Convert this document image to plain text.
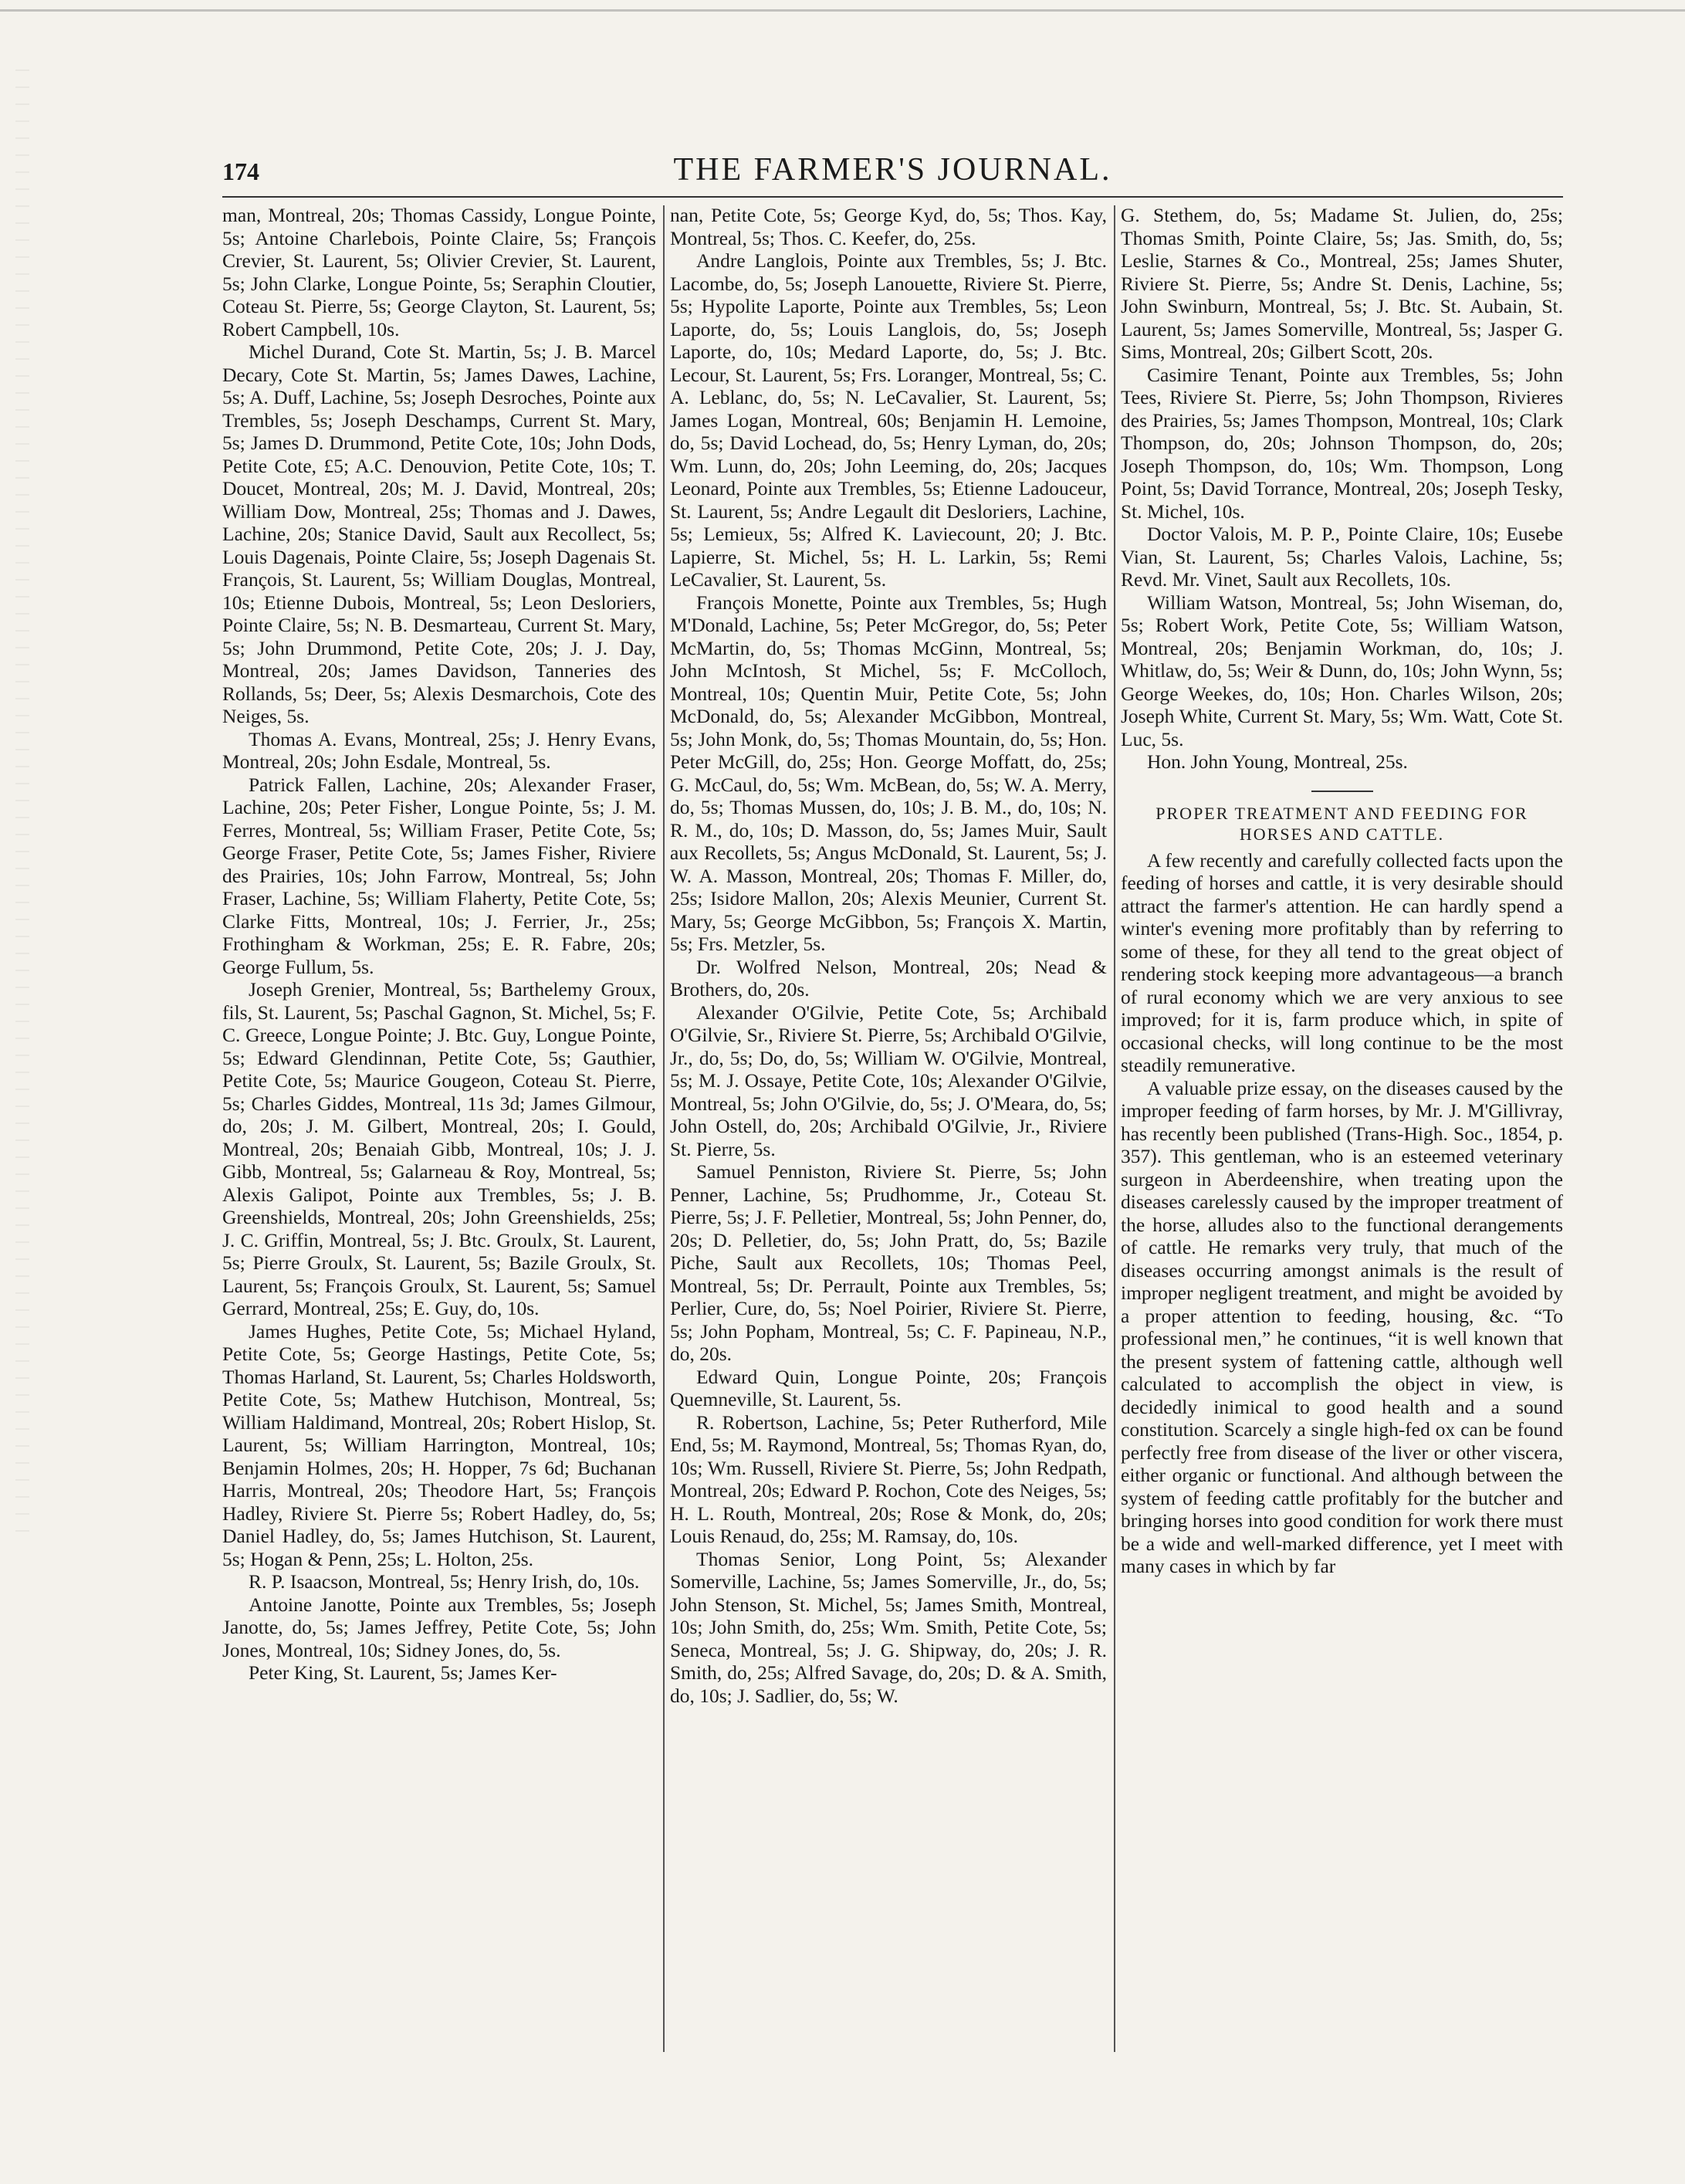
174	THE FARMER'S JOURNAL.

man, Montreal, 20s; Thomas Cassidy, Longue Pointe, 5s; Antoine Charlebois, Pointe Claire, 5s; François Crevier, St. Laurent, 5s; Olivier Crevier, St. Laurent, 5s; John Clarke, Longue Pointe, 5s; Seraphin Cloutier, Coteau St. Pierre, 5s; George Clayton, St. Laurent, 5s; Robert Campbell, 10s.

Michel Durand, Cote St. Martin, 5s; J. B. Marcel Decary, Cote St. Martin, 5s; James Dawes, Lachine, 5s; A. Duff, Lachine, 5s; Joseph Desroches, Pointe aux Trembles, 5s; Joseph Deschamps, Current St. Mary, 5s; James D. Drummond, Petite Cote, 10s; John Dods, Petite Cote, £5; A.C. Denouvion, Petite Cote, 10s; T. Doucet, Montreal, 20s; M. J. David, Montreal, 20s; William Dow, Montreal, 25s; Thomas and J. Dawes, Lachine, 20s; Stanice David, Sault aux Recollect, 5s; Louis Dagenais, Pointe Claire, 5s; Joseph Dagenais St. François, St. Laurent, 5s; William Douglas, Montreal, 10s; Etienne Dubois, Montreal, 5s; Leon Desloriers, Pointe Claire, 5s; N. B. Desmarteau, Current St. Mary, 5s; John Drummond, Petite Cote, 20s; J. J. Day, Montreal, 20s; James Davidson, Tanneries des Rollands, 5s; Deer, 5s; Alexis Desmarchois, Cote des Neiges, 5s.

Thomas A. Evans, Montreal, 25s; J. Henry Evans, Montreal, 20s; John Esdale, Montreal, 5s.

Patrick Fallen, Lachine, 20s; Alexander Fraser, Lachine, 20s; Peter Fisher, Longue Pointe, 5s; J. M. Ferres, Montreal, 5s; William Fraser, Petite Cote, 5s; George Fraser, Petite Cote, 5s; James Fisher, Riviere des Prairies, 10s; John Farrow, Montreal, 5s; John Fraser, Lachine, 5s; William Flaherty, Petite Cote, 5s; Clarke Fitts, Montreal, 10s; J. Ferrier, Jr., 25s; Frothingham & Workman, 25s; E. R. Fabre, 20s; George Fullum, 5s.

Joseph Grenier, Montreal, 5s; Barthelemy Groux, fils, St. Laurent, 5s; Paschal Gagnon, St. Michel, 5s; F. C. Greece, Longue Pointe; J. Btc. Guy, Longue Pointe, 5s; Edward Glendinnan, Petite Cote, 5s; Gauthier, Petite Cote, 5s; Maurice Gougeon, Coteau St. Pierre, 5s; Charles Giddes, Montreal, 11s 3d; James Gilmour, do, 20s; J. M. Gilbert, Montreal, 20s; I. Gould, Montreal, 20s; Benaiah Gibb, Montreal, 10s; J. J. Gibb, Montreal, 5s; Galarneau & Roy, Montreal, 5s; Alexis Galipot, Pointe aux Trembles, 5s; J. B. Greenshields, Montreal, 20s; John Greenshields, 25s; J. C. Griffin, Montreal, 5s; J. Btc. Groulx, St. Laurent, 5s; Pierre Groulx, St. Laurent, 5s; Bazile Groulx, St. Laurent, 5s; François Groulx, St. Laurent, 5s; Samuel Gerrard, Montreal, 25s; E. Guy, do, 10s.

James Hughes, Petite Cote, 5s; Michael Hyland, Petite Cote, 5s; George Hastings, Petite Cote, 5s; Thomas Harland, St. Laurent, 5s; Charles Holdsworth, Petite Cote, 5s; Mathew Hutchison, Montreal, 5s; William Haldimand, Montreal, 20s; Robert Hislop, St. Laurent, 5s; William Harrington, Montreal, 10s; Benjamin Holmes, 20s; H. Hopper, 7s 6d; Buchanan Harris, Montreal, 20s; Theodore Hart, 5s; François Hadley, Riviere St. Pierre 5s; Robert Hadley, do, 5s; Daniel Hadley, do, 5s; James Hutchison, St. Laurent, 5s; Hogan & Penn, 25s; L. Holton, 25s.

R. P. Isaacson, Montreal, 5s; Henry Irish, do, 10s.

Antoine Janotte, Pointe aux Trembles, 5s; Joseph Janotte, do, 5s; James Jeffrey, Petite Cote, 5s; John Jones, Montreal, 10s; Sidney Jones, do, 5s.

Peter King, St. Laurent, 5s; James Ker-

nan, Petite Cote, 5s; George Kyd, do, 5s; Thos. Kay, Montreal, 5s; Thos. C. Keefer, do, 25s.

Andre Langlois, Pointe aux Trembles, 5s; J. Btc. Lacombe, do, 5s; Joseph Lanouette, Riviere St. Pierre, 5s; Hypolite Laporte, Pointe aux Trembles, 5s; Leon Laporte, do, 5s; Louis Langlois, do, 5s; Joseph Laporte, do, 10s; Medard Laporte, do, 5s; J. Btc. Lecour, St. Laurent, 5s; Frs. Loranger, Montreal, 5s; C. A. Leblanc, do, 5s; N. LeCavalier, St. Laurent, 5s; James Logan, Montreal, 60s; Benjamin H. Lemoine, do, 5s; David Lochead, do, 5s; Henry Lyman, do, 20s; Wm. Lunn, do, 20s; John Leeming, do, 20s; Jacques Leonard, Pointe aux Trembles, 5s; Etienne Ladouceur, St. Laurent, 5s; Andre Legault dit Desloriers, Lachine, 5s; Lemieux, 5s; Alfred K. Laviecount, 20; J. Btc. Lapierre, St. Michel, 5s; H. L. Larkin, 5s; Remi LeCavalier, St. Laurent, 5s.

François Monette, Pointe aux Trembles, 5s; Hugh M'Donald, Lachine, 5s; Peter McGregor, do, 5s; Peter McMartin, do, 5s; Thomas McGinn, Montreal, 5s; John McIntosh, St Michel, 5s; F. McColloch, Montreal, 10s; Quentin Muir, Petite Cote, 5s; John McDonald, do, 5s; Alexander McGibbon, Montreal, 5s; John Monk, do, 5s; Thomas Mountain, do, 5s; Hon. Peter McGill, do, 25s; Hon. George Moffatt, do, 25s; G. McCaul, do, 5s; Wm. McBean, do, 5s; W. A. Merry, do, 5s; Thomas Mussen, do, 10s; J. B. M., do, 10s; N. R. M., do, 10s; D. Masson, do, 5s; James Muir, Sault aux Recollets, 5s; Angus McDonald, St. Laurent, 5s; J. W. A. Masson, Montreal, 20s; Thomas F. Miller, do, 25s; Isidore Mallon, 20s; Alexis Meunier, Current St. Mary, 5s; George McGibbon, 5s; François X. Martin, 5s; Frs. Metzler, 5s.

Dr. Wolfred Nelson, Montreal, 20s; Nead & Brothers, do, 20s.

Alexander O'Gilvie, Petite Cote, 5s; Archibald O'Gilvie, Sr., Riviere St. Pierre, 5s; Archibald O'Gilvie, Jr., do, 5s; Do, do, 5s; William W. O'Gilvie, Montreal, 5s; M. J. Ossaye, Petite Cote, 10s; Alexander O'Gilvie, Montreal, 5s; John O'Gilvie, do, 5s; J. O'Meara, do, 5s; John Ostell, do, 20s; Archibald O'Gilvie, Jr., Riviere St. Pierre, 5s.

Samuel Penniston, Riviere St. Pierre, 5s; John Penner, Lachine, 5s; Prudhomme, Jr., Coteau St. Pierre, 5s; J. F. Pelletier, Montreal, 5s; John Penner, do, 20s; D. Pelletier, do, 5s; John Pratt, do, 5s; Bazile Piche, Sault aux Recollets, 10s; Thomas Peel, Montreal, 5s; Dr. Perrault, Pointe aux Trembles, 5s; Perlier, Cure, do, 5s; Noel Poirier, Riviere St. Pierre, 5s; John Popham, Montreal, 5s; C. F. Papineau, N.P., do, 20s.

Edward Quin, Longue Pointe, 20s; François Quemneville, St. Laurent, 5s.

R. Robertson, Lachine, 5s; Peter Rutherford, Mile End, 5s; M. Raymond, Montreal, 5s; Thomas Ryan, do, 10s; Wm. Russell, Riviere St. Pierre, 5s; John Redpath, Montreal, 20s; Edward P. Rochon, Cote des Neiges, 5s; H. L. Routh, Montreal, 20s; Rose & Monk, do, 20s; Louis Renaud, do, 25s; M. Ramsay, do, 10s.

Thomas Senior, Long Point, 5s; Alexander Somerville, Lachine, 5s; James Somerville, Jr., do, 5s; John Stenson, St. Michel, 5s; James Smith, Montreal, 10s; John Smith, do, 25s; Wm. Smith, Petite Cote, 5s; Seneca, Montreal, 5s; J. G. Shipway, do, 20s; J. R. Smith, do, 25s; Alfred Savage, do, 20s; D. & A. Smith, do, 10s; J. Sadlier, do, 5s; W.

G. Stethem, do, 5s; Madame St. Julien, do, 25s; Thomas Smith, Pointe Claire, 5s; Jas. Smith, do, 5s; Leslie, Starnes & Co., Montreal, 25s; James Shuter, Riviere St. Pierre, 5s; Andre St. Denis, Lachine, 5s; John Swinburn, Montreal, 5s; J. Btc. St. Aubain, St. Laurent, 5s; James Somerville, Montreal, 5s; Jasper G. Sims, Montreal, 20s; Gilbert Scott, 20s.

Casimire Tenant, Pointe aux Trembles, 5s; John Tees, Riviere St. Pierre, 5s; John Thompson, Rivieres des Prairies, 5s; James Thompson, Montreal, 10s; Clark Thompson, do, 20s; Johnson Thompson, do, 20s; Joseph Thompson, do, 10s; Wm. Thompson, Long Point, 5s; David Torrance, Montreal, 20s; Joseph Tesky, St. Michel, 10s.

Doctor Valois, M. P. P., Pointe Claire, 10s; Eusebe Vian, St. Laurent, 5s; Charles Valois, Lachine, 5s; Revd. Mr. Vinet, Sault aux Recollets, 10s.

William Watson, Montreal, 5s; John Wiseman, do, 5s; Robert Work, Petite Cote, 5s; William Watson, Montreal, 20s; Benjamin Workman, do, 10s; J. Whitlaw, do, 5s; Weir & Dunn, do, 10s; John Wynn, 5s; George Weekes, do, 10s; Hon. Charles Wilson, 20s; Joseph White, Current St. Mary, 5s; Wm. Watt, Cote St. Luc, 5s.

Hon. John Young, Montreal, 25s.

PROPER TREATMENT AND FEEDING FOR
HORSES AND CATTLE.

A few recently and carefully collected facts upon the feeding of horses and cattle, it is very desirable should attract the farmer's attention. He can hardly spend a winter's evening more profitably than by referring to some of these, for they all tend to the great object of rendering stock keeping more advantageous—a branch of rural economy which we are very anxious to see improved; for it is, farm produce which, in spite of occasional checks, will long continue to be the most steadily remunerative.

A valuable prize essay, on the diseases caused by the improper feeding of farm horses, by Mr. J. M'Gillivray, has recently been published (Trans-High. Soc., 1854, p. 357). This gentleman, who is an esteemed veterinary surgeon in Aberdeenshire, when treating upon the diseases carelessly caused by the improper treatment of the horse, alludes also to the functional derangements of cattle. He remarks very truly, that much of the diseases occurring amongst animals is the result of improper negligent treatment, and might be avoided by a proper attention to feeding, housing, &c. “To professional men,” he continues, “it is well known that the present system of fattening cattle, although well calculated to accomplish the object in view, is decidedly inimical to good health and a sound constitution. Scarcely a single high-fed ox can be found perfectly free from disease of the liver or other viscera, either organic or functional. And although between the system of feeding cattle profitably for the butcher and bringing horses into good condition for work there must be a wide and well-marked difference, yet I meet with many cases in which by far
